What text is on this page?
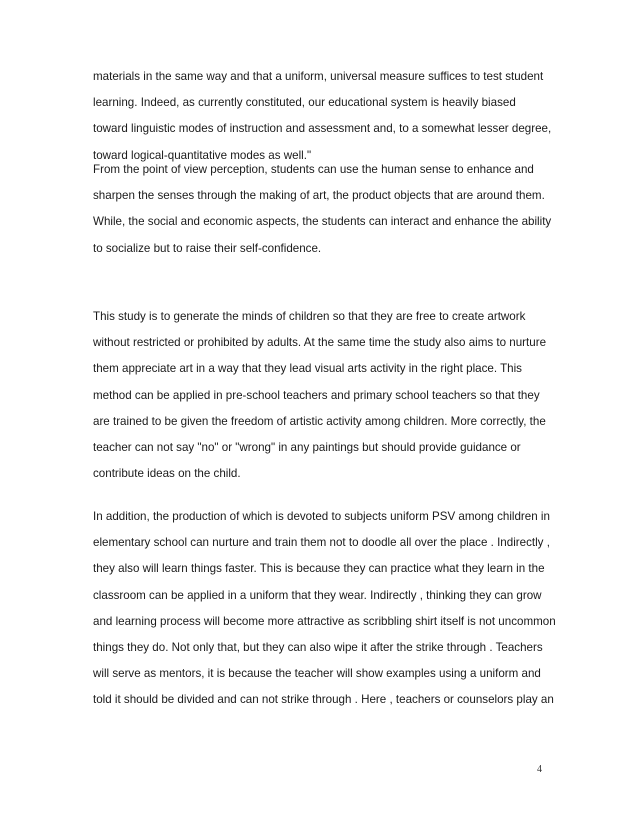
materials in the same way and that a uniform, universal measure suffices to test student
learning. Indeed, as currently constituted, our educational system is heavily biased
toward linguistic modes of instruction and assessment and, to a somewhat lesser degree,
toward logical-quantitative modes as well."
From the point of view perception, students can use the human sense to enhance and
sharpen the senses through the making of art, the product objects that are around them.
While, the social and economic aspects, the students can interact and enhance the ability
to socialize but to raise their self-confidence.
This study is to generate the minds of children so that they are free to create artwork
without restricted or prohibited by adults. At the same time the study also aims to nurture
them appreciate art in a way that they lead visual arts activity in the right place. This
method can be applied in pre-school teachers and primary school teachers so that they
are trained to be given the freedom of artistic activity among children. More correctly, the
teacher can not say "no" or "wrong" in any paintings but should provide guidance or
contribute ideas on the child.
In addition, the production of which is devoted to subjects uniform PSV among children in
elementary school can nurture and train them not to doodle all over the place . Indirectly ,
they also will learn things faster. This is because they can practice what they learn in the
classroom can be applied in a uniform that they wear. Indirectly , thinking they can grow
and learning process will become more attractive as scribbling shirt itself is not uncommon
things they do. Not only that, but they can also wipe it after the strike through . Teachers
will serve as mentors, it is because the teacher will show examples using a uniform and
told it should be divided and can not strike through . Here , teachers or counselors play an
4
